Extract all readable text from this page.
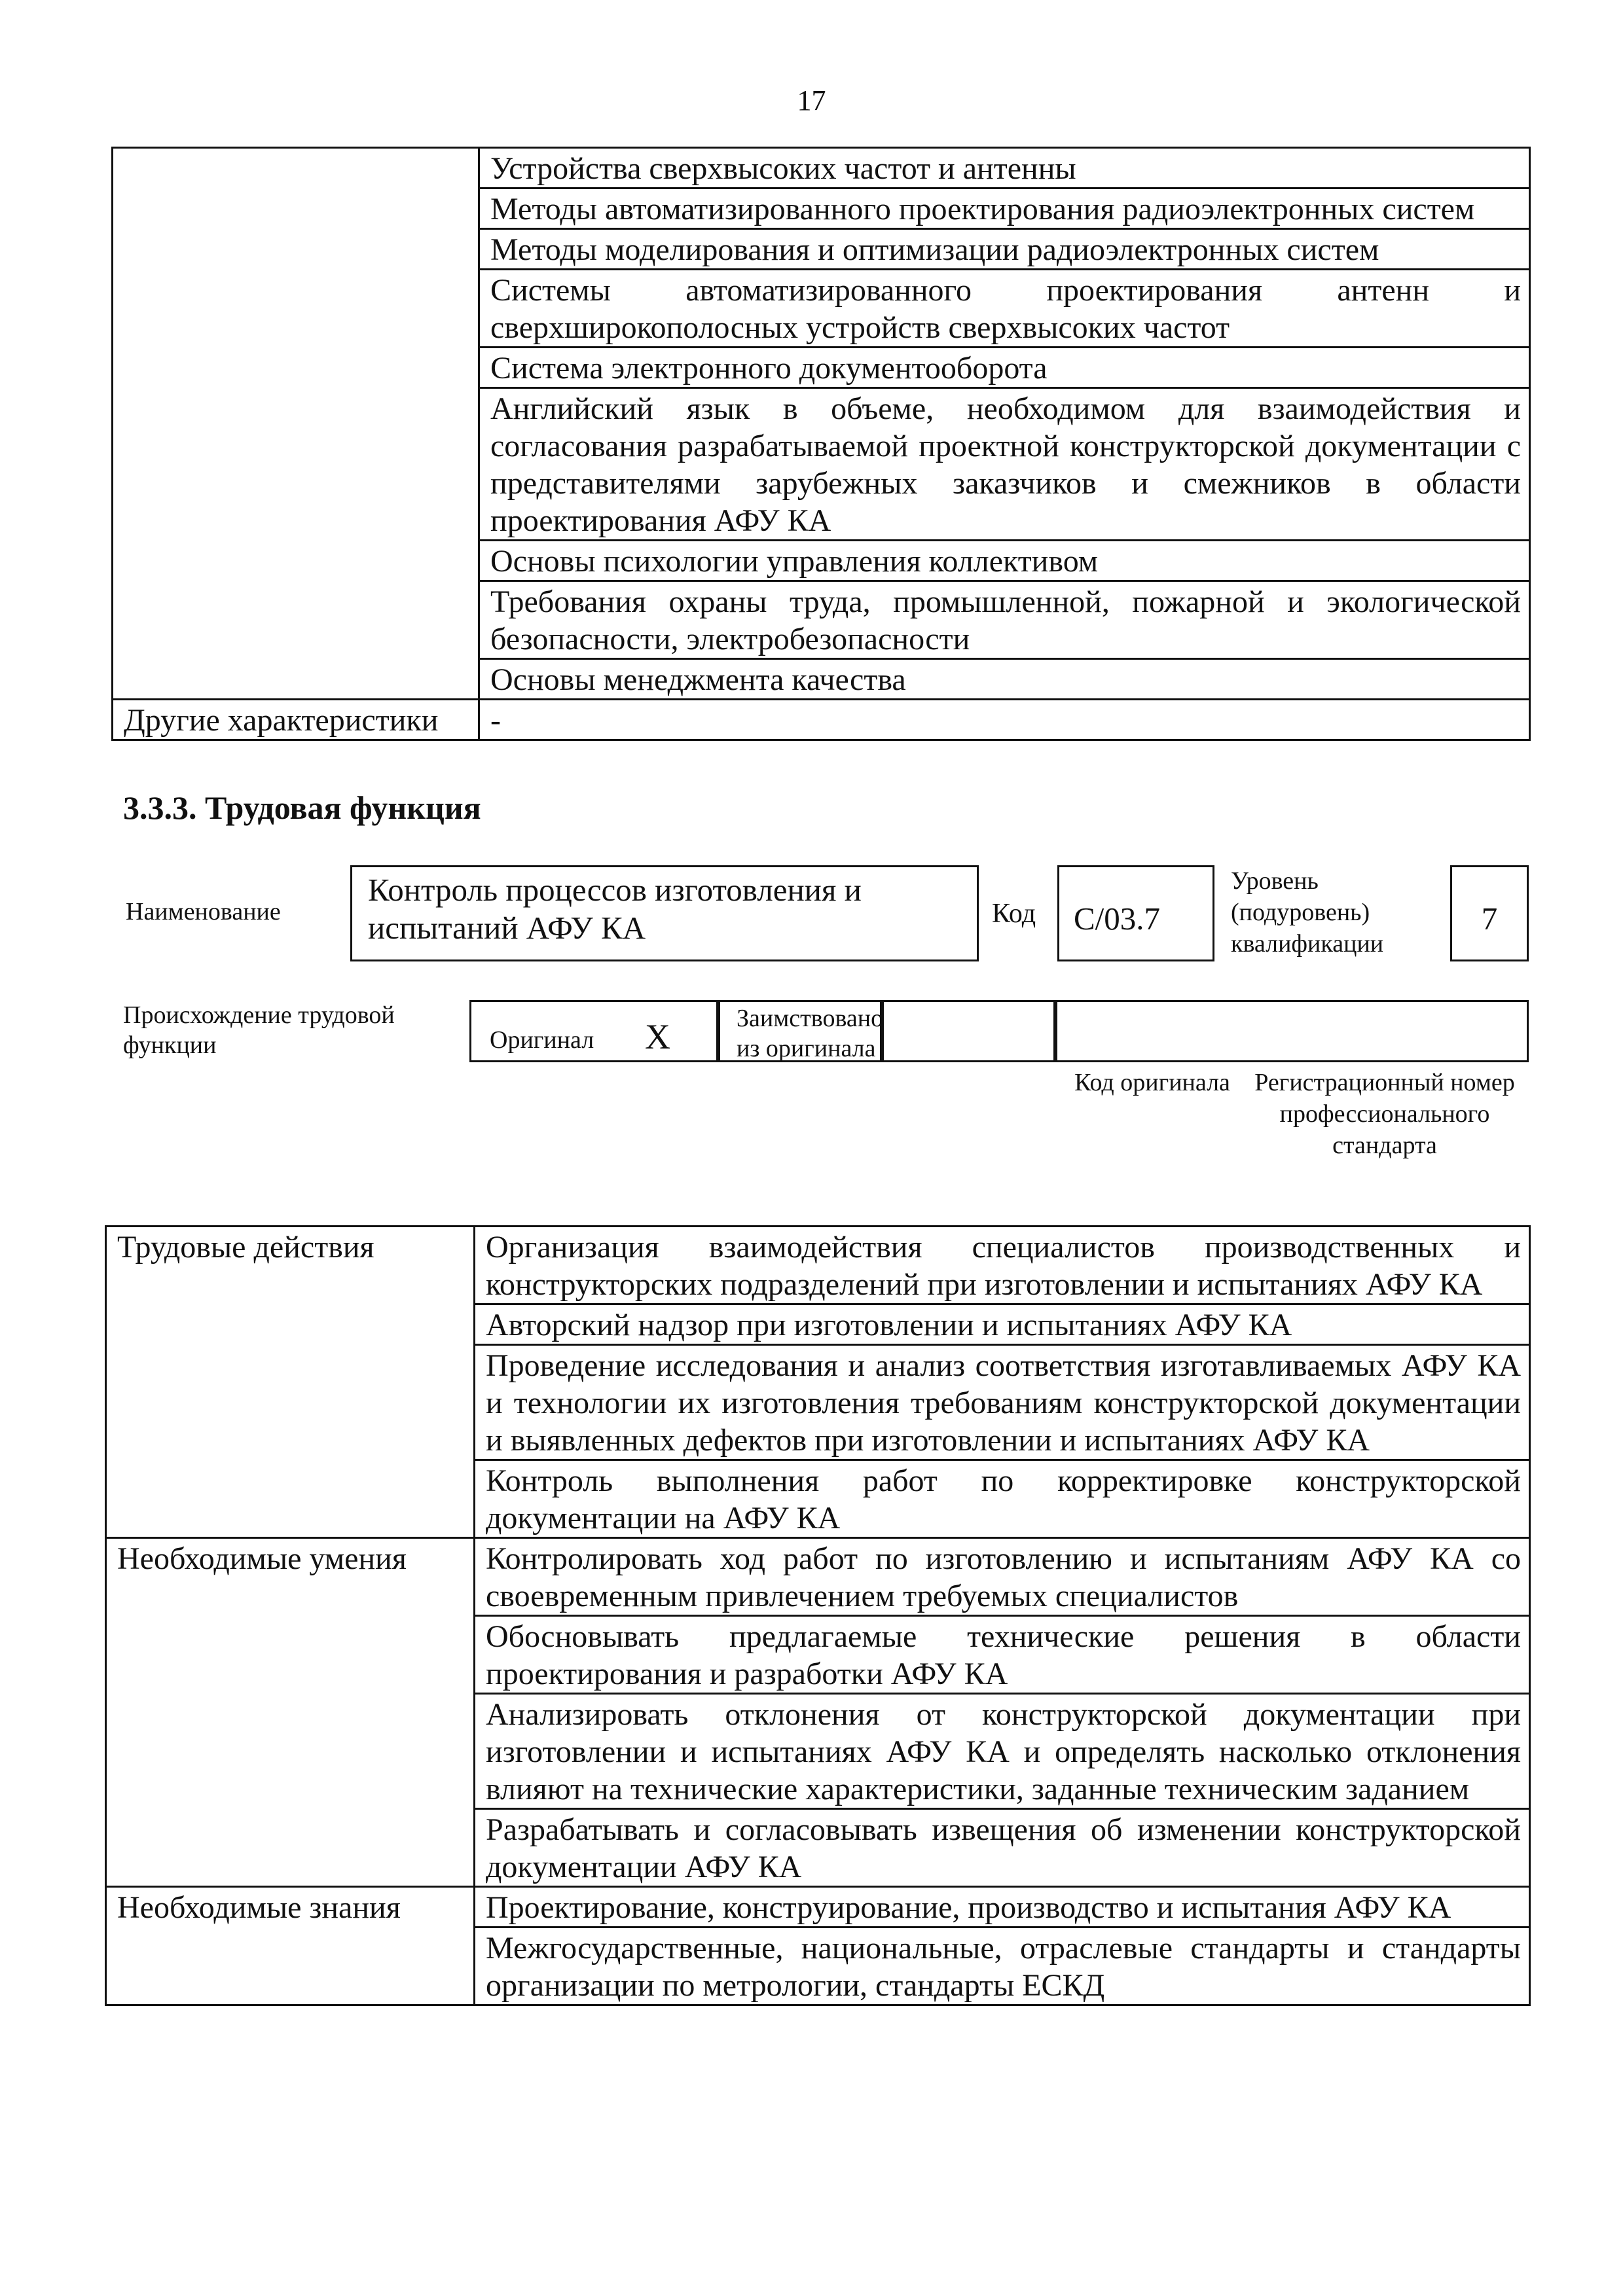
17
	Устройства сверхвысоких частот и антенны
	Методы автоматизированного проектирования радиоэлектронных систем
	Методы моделирования и оптимизации радиоэлектронных систем
	Системы автоматизированного проектирования антенн и сверхширокополосных устройств сверхвысоких частот
	Система электронного документооборота
	Английский язык в объеме, необходимом для взаимодействия и согласования разрабатываемой проектной конструкторской документации с представителями зарубежных заказчиков и смежников в области проектирования АФУ КА
	Основы психологии управления коллективом
	Требования охраны труда, промышленной, пожарной и экологической безопасности, электробезопасности
	Основы менеджмента качества
Другие характеристики	-
3.3.3. Трудовая функция
Наименование
Контроль процессов изготовления и испытаний АФУ КА	Код	C/03.7
Уровень
(подуровень)
квалификации
7
Происхождение трудовой функции	Оригинал X	Заимствовано из оригинала
Код оригинала Регистрационный номер профессионального стандарта
Трудовые действия	Организация взаимодействия специалистов производственных и конструкторских подразделений при изготовлении и испытаниях АФУ КА
	Авторский надзор при изготовлении и испытаниях АФУ КА
	Проведение исследования и анализ соответствия изготавливаемых АФУ КА и технологии их изготовления требованиям конструкторской документации и выявленных дефектов при изготовлении и испытаниях АФУ КА
	Контроль выполнения работ по корректировке конструкторской документации на АФУ КА
Необходимые умения	Контролировать ход работ по изготовлению и испытаниям АФУ КА со своевременным привлечением требуемых специалистов
	Обосновывать предлагаемые технические решения в области проектирования и разработки АФУ КА
	Анализировать отклонения от конструкторской документации при изготовлении и испытаниях АФУ КА и определять насколько отклонения влияют на технические характеристики, заданные техническим заданием
	Разрабатывать и согласовывать извещения об изменении конструкторской документации АФУ КА
Необходимые знания	Проектирование, конструирование, производство и испытания АФУ КА
	Межгосударственные, национальные, отраслевые стандарты и стандарты организации по метрологии, стандарты ЕСКД
